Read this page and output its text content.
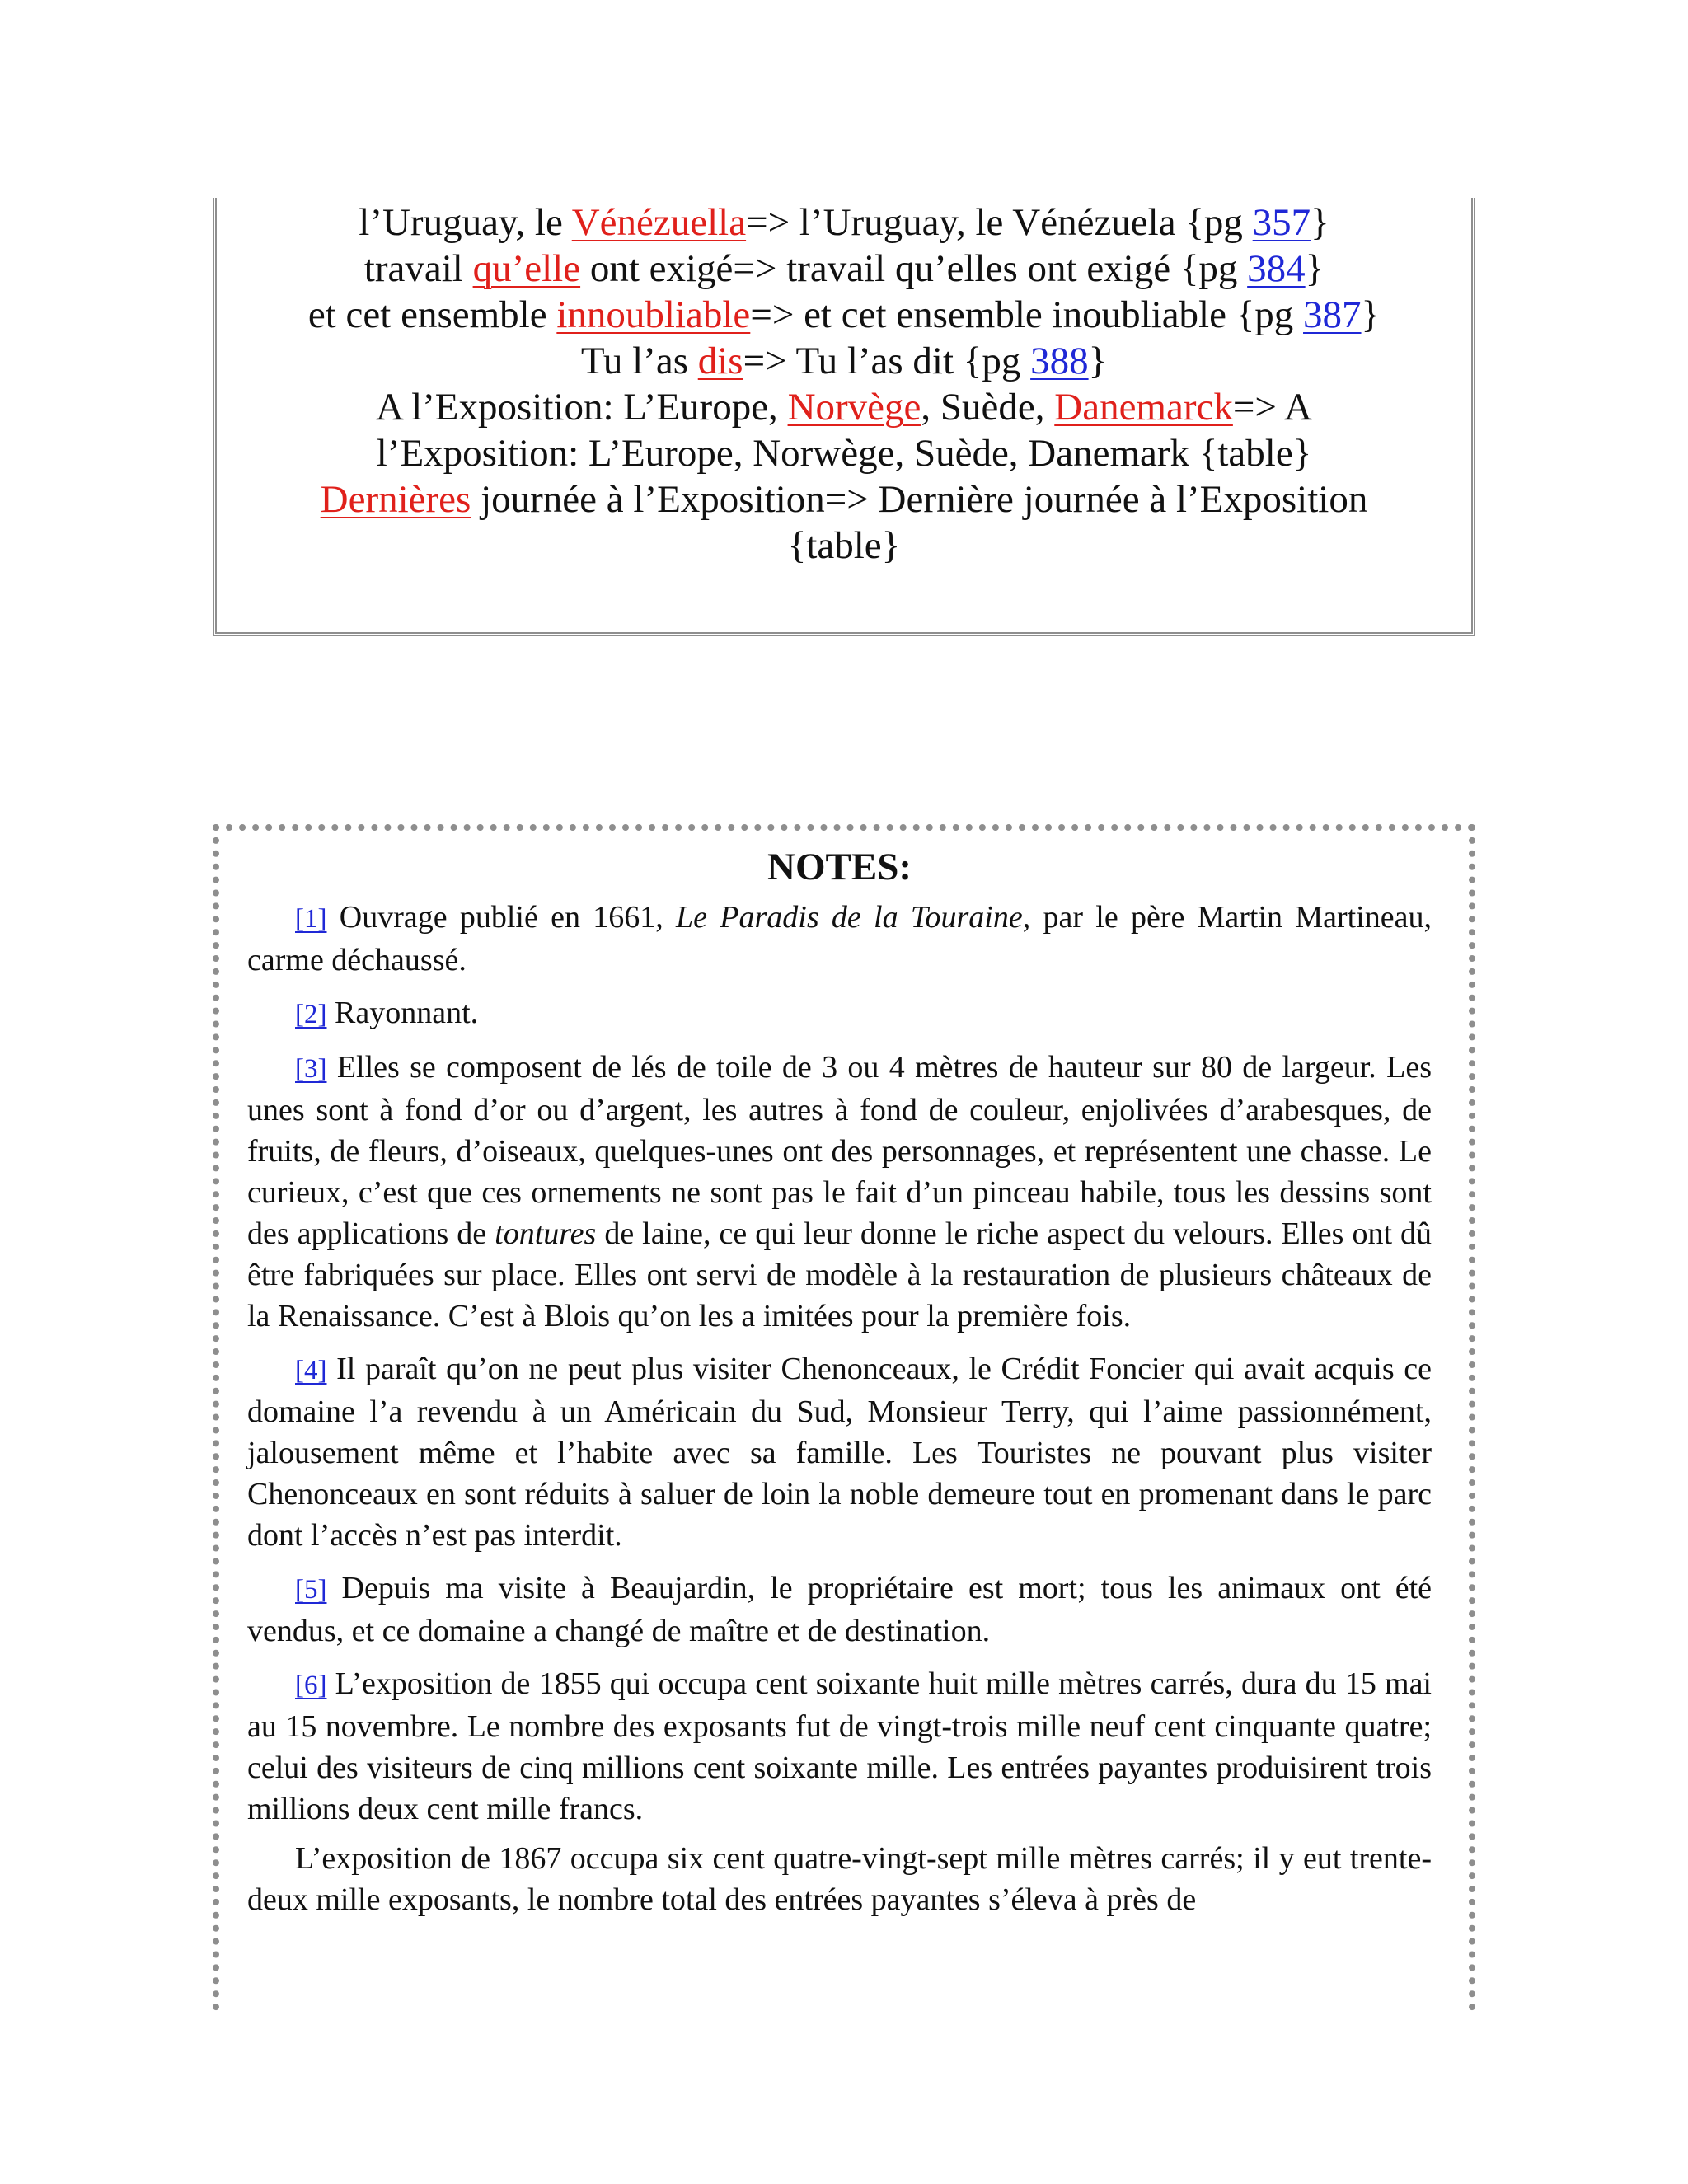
l’Uruguay, le Vénézuella=> l’Uruguay, le Vénézuela {pg 357}
travail qu’elle ont exigé=> travail qu’elles ont exigé {pg 384}
et cet ensemble innoubliable=> et cet ensemble inoubliable {pg 387}
Tu l’as dis=> Tu l’as dit {pg 388}
A l’Exposition: L’Europe, Norvège, Suède, Danemarck=> A l’Exposition: L’Europe, Norwège, Suède, Danemark {table}
Dernières journée à l’Exposition=> Dernière journée à l’Exposition {table}
NOTES:

[1] Ouvrage publié en 1661, Le Paradis de la Touraine, par le père Martin Martineau, carme déchaussé.

[2] Rayonnant.

[3] Elles se composent de lés de toile de 3 ou 4 mètres de hauteur sur 80 de largeur. Les unes sont à fond d’or ou d’argent, les autres à fond de couleur, enjolivées d’arabesques, de fruits, de fleurs, d’oiseaux, quelques-unes ont des personnages, et représentent une chasse. Le curieux, c’est que ces ornements ne sont pas le fait d’un pinceau habile, tous les dessins sont des applications de tontures de laine, ce qui leur donne le riche aspect du velours. Elles ont dû être fabriquées sur place. Elles ont servi de modèle à la restauration de plusieurs châteaux de la Renaissance. C’est à Blois qu’on les a imitées pour la première fois.

[4] Il paraît qu’on ne peut plus visiter Chenonceaux, le Crédit Foncier qui avait acquis ce domaine l’a revendu à un Américain du Sud, Monsieur Terry, qui l’aime passionnément, jalousement même et l’habite avec sa famille. Les Touristes ne pouvant plus visiter Chenonceaux en sont réduits à saluer de loin la noble demeure tout en promenant dans le parc dont l’accès n’est pas interdit.

[5] Depuis ma visite à Beaujardin, le propriétaire est mort; tous les animaux ont été vendus, et ce domaine a changé de maître et de destination.

[6] L’exposition de 1855 qui occupa cent soixante huit mille mètres carrés, dura du 15 mai au 15 novembre. Le nombre des exposants fut de vingt-trois mille neuf cent cinquante quatre; celui des visiteurs de cinq millions cent soixante mille. Les entrées payantes produisirent trois millions deux cent mille francs.

L’exposition de 1867 occupa six cent quatre-vingt-sept mille mètres carrés; il y eut trente-deux mille exposants, le nombre total des entrées payantes s’éleva à près de
